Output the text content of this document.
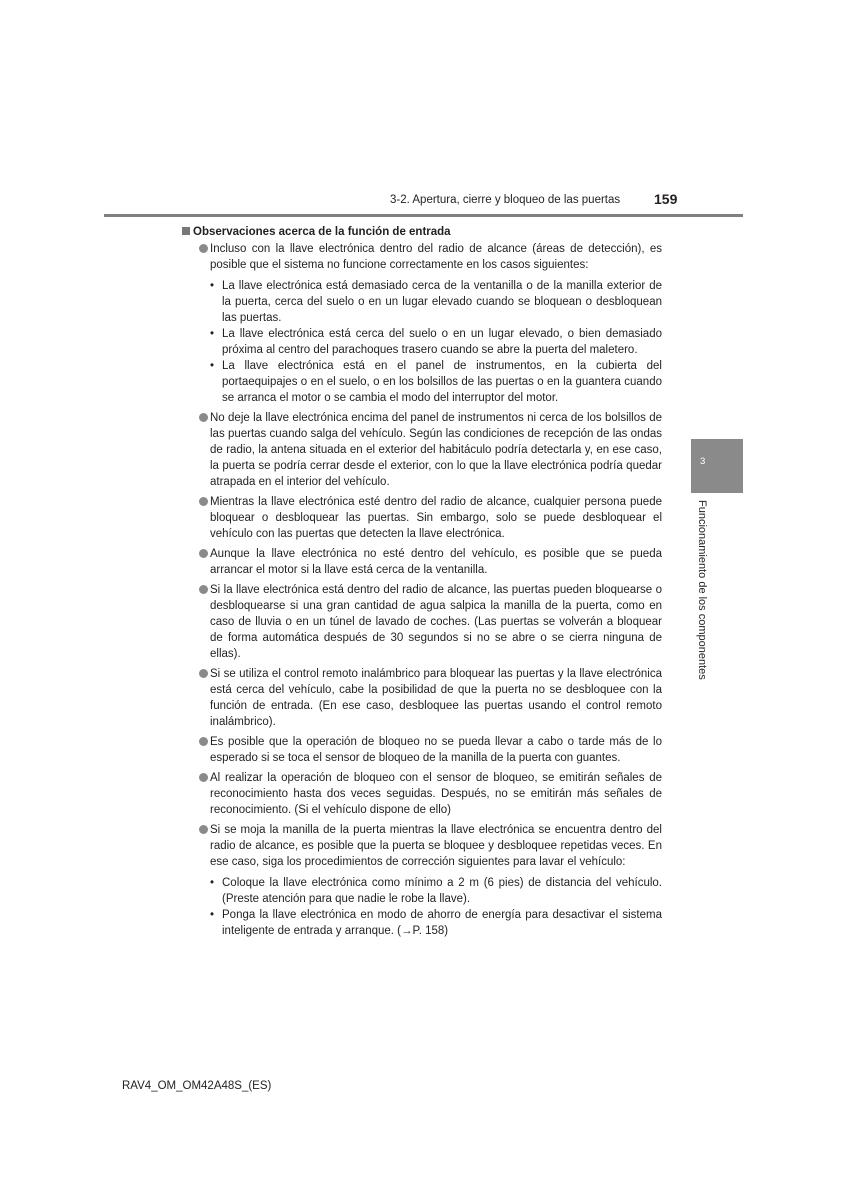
3-2. Apertura, cierre y bloqueo de las puertas 159
3
Funcionamiento de los componentes
Observaciones acerca de la función de entrada
Incluso con la llave electrónica dentro del radio de alcance (áreas de detección), es posible que el sistema no funcione correctamente en los casos siguientes:
• La llave electrónica está demasiado cerca de la ventanilla o de la manilla exterior de la puerta, cerca del suelo o en un lugar elevado cuando se bloquean o desbloquean las puertas.
• La llave electrónica está cerca del suelo o en un lugar elevado, o bien demasiado próxima al centro del parachoques trasero cuando se abre la puerta del maletero.
• La llave electrónica está en el panel de instrumentos, en la cubierta del portaequipajes o en el suelo, o en los bolsillos de las puertas o en la guantera cuando se arranca el motor o se cambia el modo del interruptor del motor.
No deje la llave electrónica encima del panel de instrumentos ni cerca de los bolsillos de las puertas cuando salga del vehículo. Según las condiciones de recepción de las ondas de radio, la antena situada en el exterior del habitáculo podría detectarla y, en ese caso, la puerta se podría cerrar desde el exterior, con lo que la llave electrónica podría quedar atrapada en el interior del vehículo.
Mientras la llave electrónica esté dentro del radio de alcance, cualquier persona puede bloquear o desbloquear las puertas. Sin embargo, solo se puede desbloquear el vehículo con las puertas que detecten la llave electrónica.
Aunque la llave electrónica no esté dentro del vehículo, es posible que se pueda arrancar el motor si la llave está cerca de la ventanilla.
Si la llave electrónica está dentro del radio de alcance, las puertas pueden bloquearse o desbloquearse si una gran cantidad de agua salpica la manilla de la puerta, como en caso de lluvia o en un túnel de lavado de coches. (Las puertas se volverán a bloquear de forma automática después de 30 segundos si no se abre o se cierra ninguna de ellas).
Si se utiliza el control remoto inalámbrico para bloquear las puertas y la llave electrónica está cerca del vehículo, cabe la posibilidad de que la puerta no se desbloquee con la función de entrada. (En ese caso, desbloquee las puertas usando el control remoto inalámbrico).
Es posible que la operación de bloqueo no se pueda llevar a cabo o tarde más de lo esperado si se toca el sensor de bloqueo de la manilla de la puerta con guantes.
Al realizar la operación de bloqueo con el sensor de bloqueo, se emitirán señales de reconocimiento hasta dos veces seguidas. Después, no se emitirán más señales de reconocimiento. (Si el vehículo dispone de ello)
Si se moja la manilla de la puerta mientras la llave electrónica se encuentra dentro del radio de alcance, es posible que la puerta se bloquee y desbloquee repetidas veces. En ese caso, siga los procedimientos de corrección siguientes para lavar el vehículo:
• Coloque la llave electrónica como mínimo a 2 m (6 pies) de distancia del vehículo. (Preste atención para que nadie le robe la llave).
• Ponga la llave electrónica en modo de ahorro de energía para desactivar el sistema inteligente de entrada y arranque. (→P. 158)
RAV4_OM_OM42A48S_(ES)
